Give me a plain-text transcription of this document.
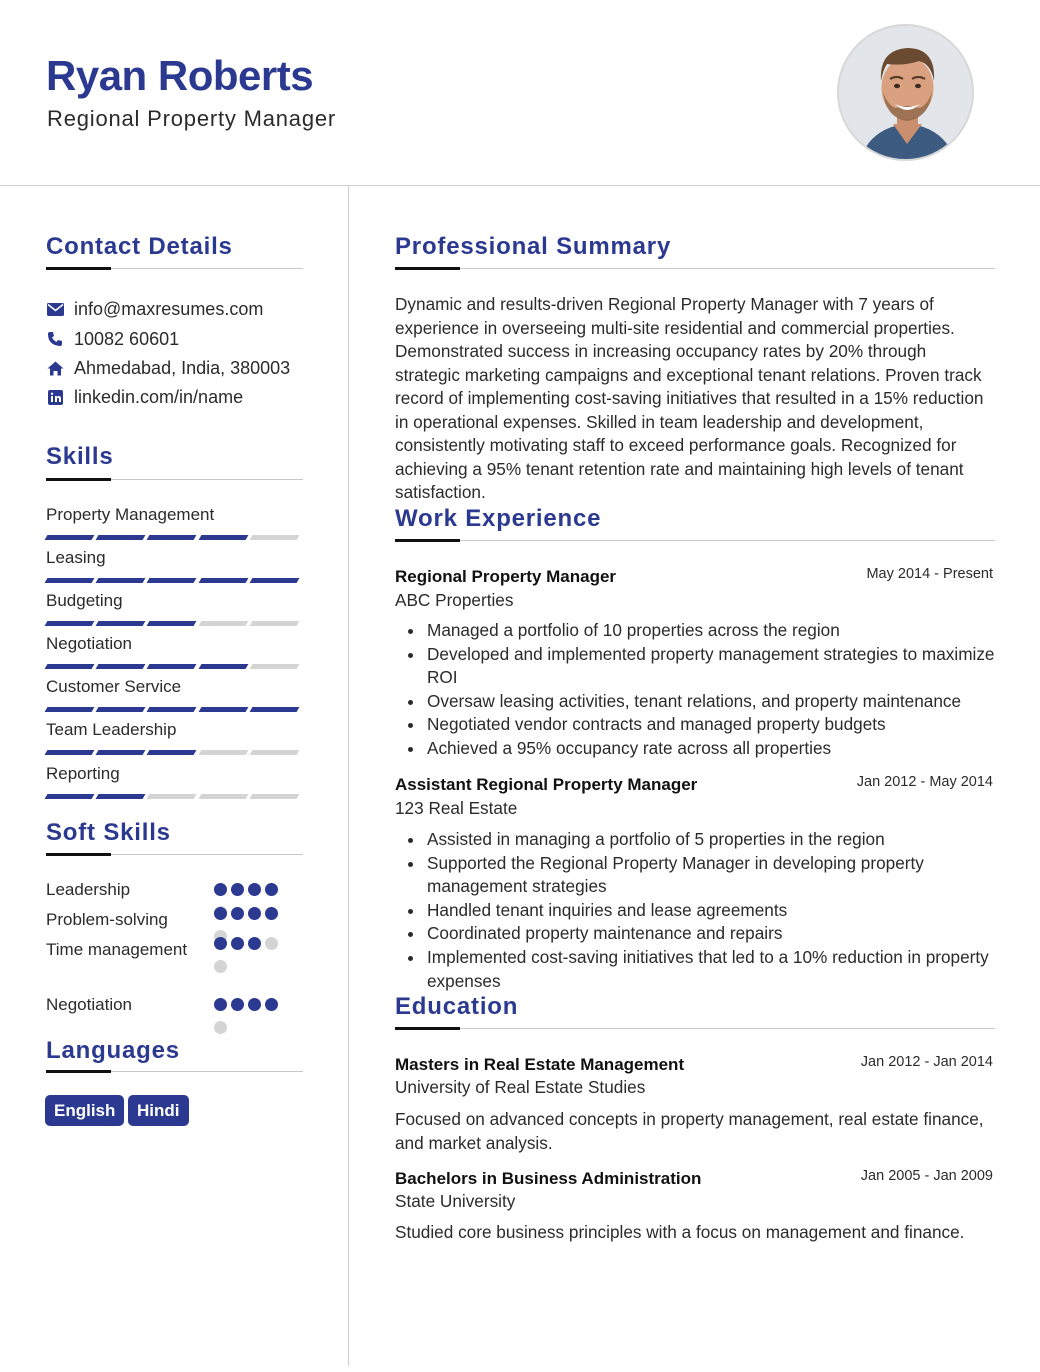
Ryan Roberts
Regional Property Manager
Contact Details
info@maxresumes.com
10082 60601
Ahmedabad, India, 380003
linkedin.com/in/name
Skills
Property Management
Leasing
Budgeting
Negotiation
Customer Service
Team Leadership
Reporting
Soft Skills
Leadership
Problem-solving
Time management
Negotiation
Languages
English	Hindi
Professional Summary
Dynamic and results-driven Regional Property Manager with 7 years of experience in overseeing multi-site residential and commercial properties. Demonstrated success in increasing occupancy rates by 20% through strategic marketing campaigns and exceptional tenant relations. Proven track record of implementing cost-saving initiatives that resulted in a 15% reduction in operational expenses. Skilled in team leadership and development, consistently motivating staff to exceed performance goals. Recognized for achieving a 95% tenant retention rate and maintaining high levels of tenant satisfaction.
Work Experience
Regional Property Manager	May 2014 - Present
ABC Properties
Managed a portfolio of 10 properties across the region
Developed and implemented property management strategies to maximize ROI
Oversaw leasing activities, tenant relations, and property maintenance
Negotiated vendor contracts and managed property budgets
Achieved a 95% occupancy rate across all properties
Assistant Regional Property Manager	Jan 2012 - May 2014
123 Real Estate
Assisted in managing a portfolio of 5 properties in the region
Supported the Regional Property Manager in developing property management strategies
Handled tenant inquiries and lease agreements
Coordinated property maintenance and repairs
Implemented cost-saving initiatives that led to a 10% reduction in property expenses
Education
Masters in Real Estate Management	Jan 2012 - Jan 2014
University of Real Estate Studies
Focused on advanced concepts in property management, real estate finance, and market analysis.
Bachelors in Business Administration	Jan 2005 - Jan 2009
State University
Studied core business principles with a focus on management and finance.
